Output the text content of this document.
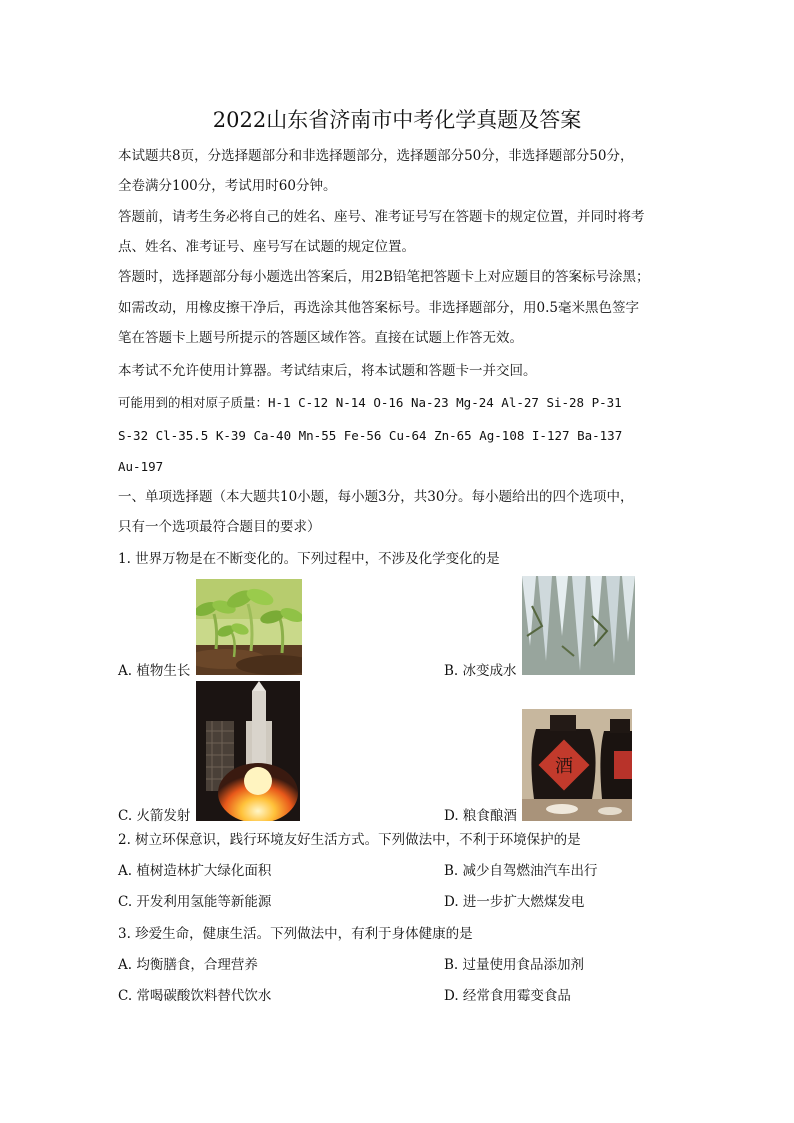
2022山东省济南市中考化学真题及答案
本试题共8页，分选择题部分和非选择题部分，选择题部分50分，非选择题部分50分，
全卷满分100分，考试用时60分钟。
答题前，请考生务必将自己的姓名、座号、准考证号写在答题卡的规定位置，并同时将考
点、姓名、准考证号、座号写在试题的规定位置。
答题时，选择题部分每小题选出答案后，用2B铅笔把答题卡上对应题目的答案标号涂黑；
如需改动，用橡皮擦干净后，再选涂其他答案标号。非选择题部分，用0.5毫米黑色签字
笔在答题卡上题号所提示的答题区域作答。直接在试题上作答无效。
本考试不允许使用计算器。考试结束后，将本试题和答题卡一并交回。
可能用到的相对原子质量：H-1 C-12 N-14 O-16 Na-23 Mg-24 Al-27 Si-28 P-31
S-32 Cl-35.5 K-39 Ca-40 Mn-55 Fe-56 Cu-64 Zn-65 Ag-108 I-127 Ba-137
Au-197
一、单项选择题（本大题共10小题，每小题3分，共30分。每小题给出的四个选项中，
只有一个选项最符合题目的要求）
1. 世界万物是在不断变化的。下列过程中，不涉及化学变化的是
A. 植物生长	B. 冰变成水
C. 火箭发射
酒
D. 粮食酿酒
2. 树立环保意识，践行环境友好生活方式。下列做法中，不利于环境保护的是
A. 植树造林扩大绿化面积	B. 减少自驾燃油汽车出行
C. 开发利用氢能等新能源	D. 进一步扩大燃煤发电
3. 珍爱生命，健康生活。下列做法中，有利于身体健康的是
A. 均衡膳食，合理营养	B. 过量使用食品添加剂
C. 常喝碳酸饮料替代饮水	D. 经常食用霉变食品
